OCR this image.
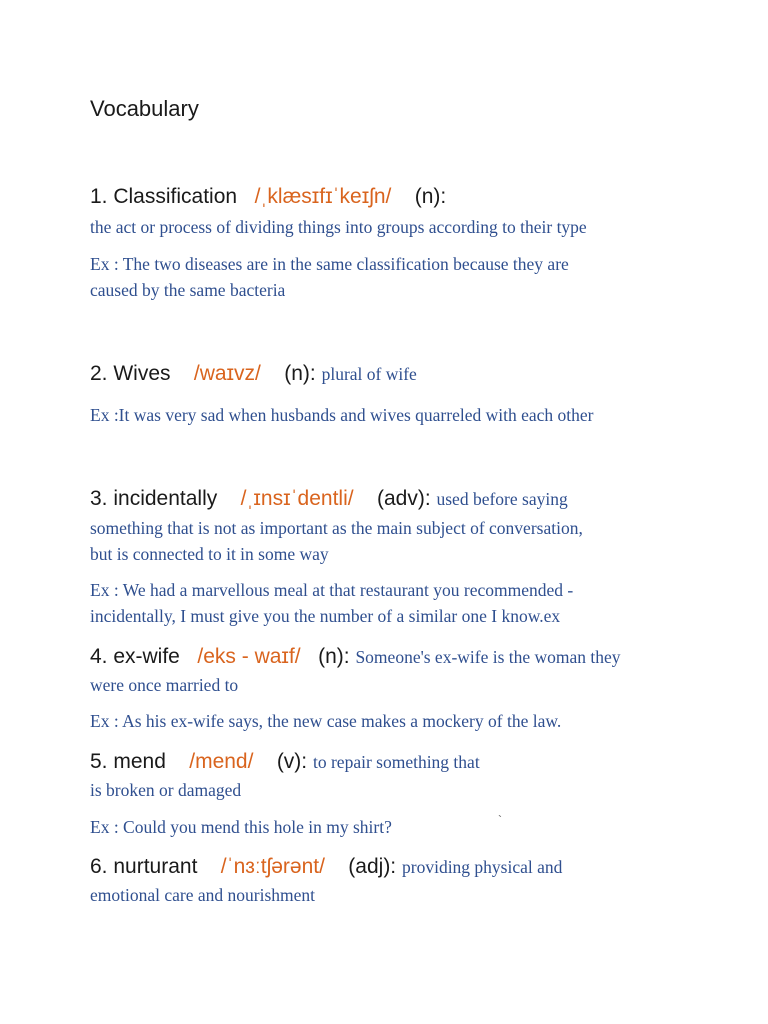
Vocabulary
1. Classification /ˌklæsɪfɪˈkeɪʃn/ (n):
the act or process of dividing things into groups according to their type
Ex : The two diseases are in the same classification because they are
caused by the same bacteria
2. Wives /waɪvz/ (n): plural of wife
Ex :It was very sad when husbands and wives quarreled with each other
3. incidentally /ˌɪnsɪˈdentli/ (adv): used before saying
something that is not as important as the main subject of conversation,
but is connected to it in some way
Ex : We had a marvellous meal at that restaurant you recommended -
incidentally, I must give you the number of a similar one I know.ex
4. ex-wife /eks - waɪf/ (n): Someone's ex-wife is the woman they
were once married to
Ex : As his ex-wife says, the new case makes a mockery of the law.
5. mend /mend/ (v): to repair something that
is broken or damaged
Ex : Could you mend this hole in my shirt?	`
6. nurturant /ˈnɜːtʃərənt/ (adj): providing physical and
emotional care and nourishment
